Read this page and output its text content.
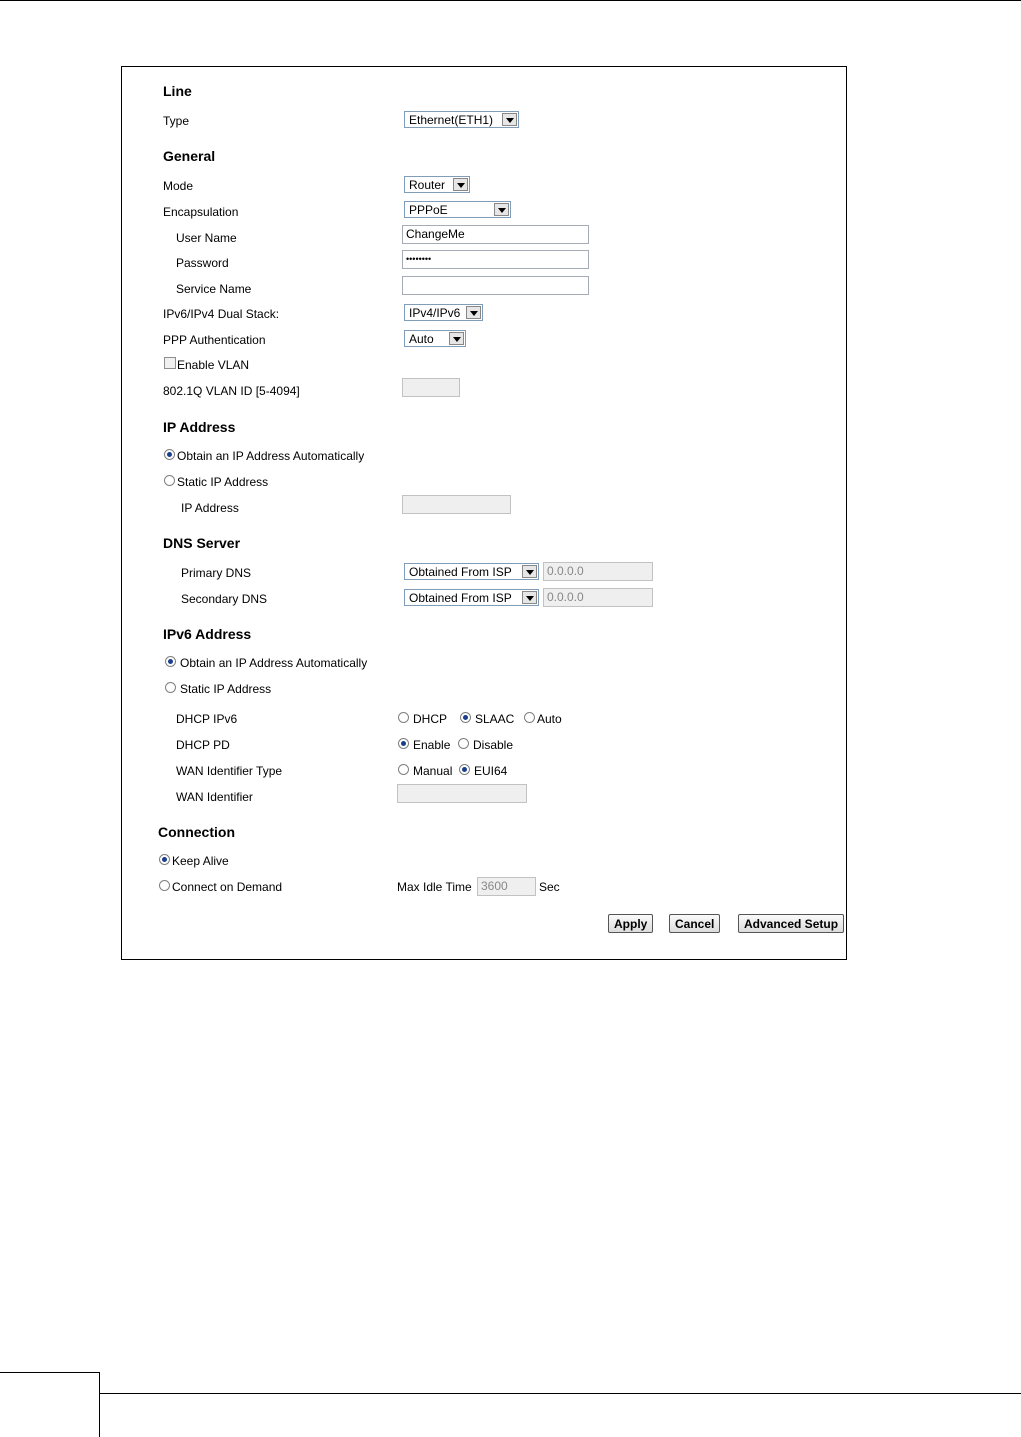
Line
Type	Ethernet(ETH1)
General
Mode	Router
Encapsulation	PPPoE
User Name	ChangeMe
Password	••••••••
Service Name
IPv6/IPv4 Dual Stack:	IPv4/IPv6
PPP Authentication	Auto
Enable VLAN
802.1Q VLAN ID [5-4094]
IP Address
Obtain an IP Address Automatically
Static IP Address
IP Address
DNS Server
Primary DNS	Obtained From ISP	0.0.0.0
Secondary DNS	Obtained From ISP	0.0.0.0
IPv6 Address
Obtain an IP Address Automatically
Static IP Address
DHCP IPv6	DHCP SLAAC Auto
DHCP PD	Enable Disable
WAN Identifier Type	Manual EUI64
WAN Identifier
Connection
Keep Alive
Connect on Demand	Max Idle Time 3600	Sec
Apply	Cancel	Advanced Setup
